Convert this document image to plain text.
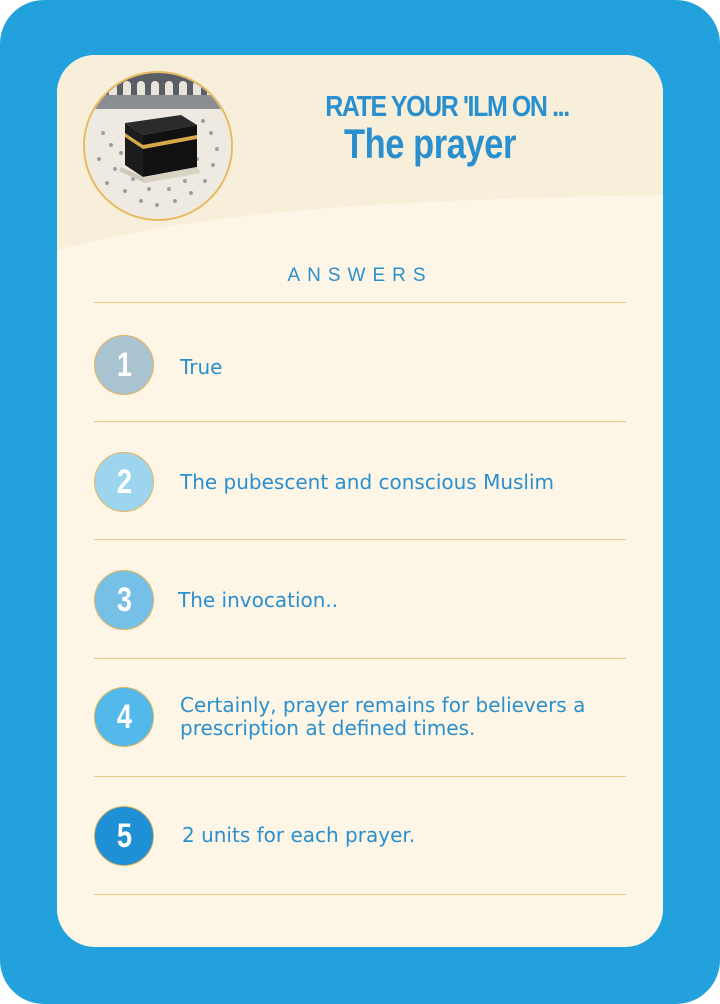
RATE YOUR 'ILM ON ...
The prayer
ANSWERS
1 True
2 The pubescent and conscious Muslim
3 The invocation..
4 Certainly, prayer remains for believers a prescription at defined times.
5	2 units for each prayer.
